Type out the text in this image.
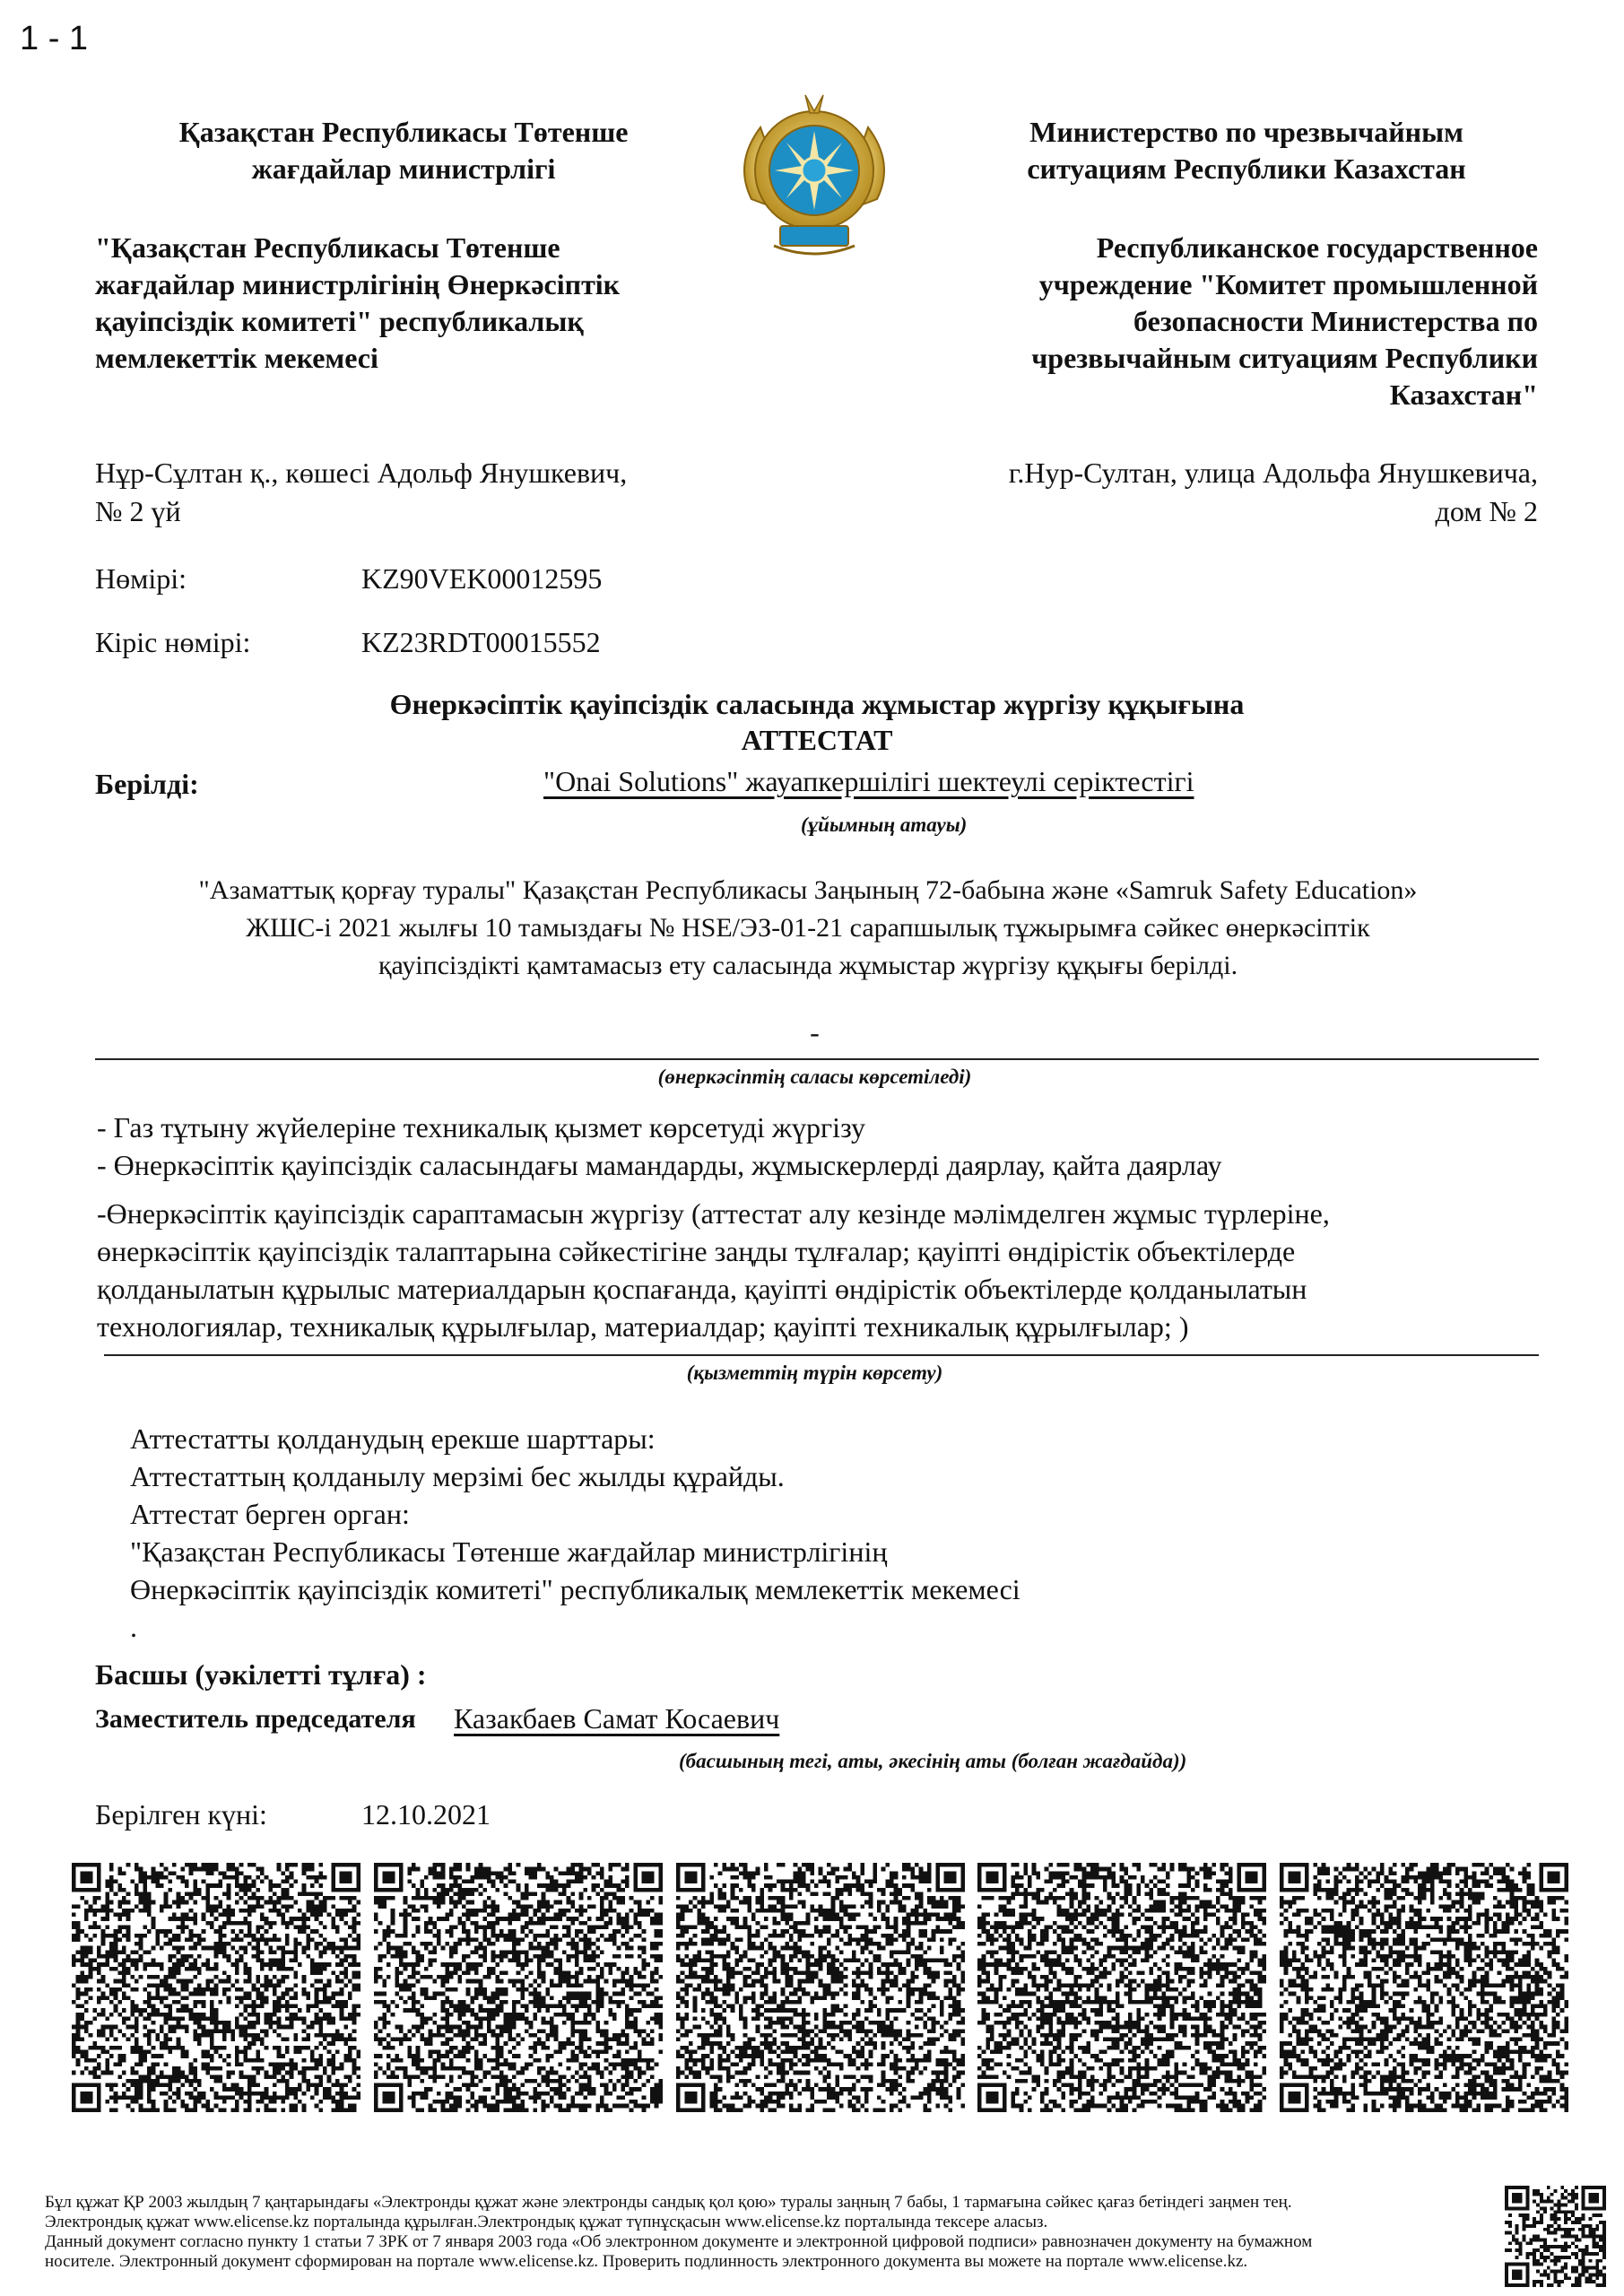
1 - 1
Қазақстан Республикасы Төтенше
жағдайлар министрлігі
Министерство по чрезвычайным
ситуациям Республики Казахстан
"Қазақстан Республикасы Төтенше
жағдайлар министрлігінің Өнеркәсіптік
қауіпсіздік комитеті" республикалық
мемлекеттік мекемесі
Республиканское государственное
учреждение "Комитет промышленной
безопасности Министерства по
чрезвычайным ситуациям Республики
Казахстан"
Нұр-Сұлтан қ., көшесі Адольф Янушкевич,
№ 2 үй
г.Нур-Султан, улица Адольфа Янушкевича,
дом № 2
Нөмірі:	KZ90VEK00012595
Кіріс нөмірі:	KZ23RDT00015552
Өнеркәсіптік қауіпсіздік саласында жұмыстар жүргізу құқығына
АТТЕСТАТ
Берілді:	"Onai Solutions" жауапкершілігі шектеулі серіктестігі
(ұйымның атауы)
"Азаматтық қорғау туралы" Қазақстан Республикасы Заңының 72-бабына және «Samruk Safety Education»
ЖШС-і 2021 жылғы 10 тамыздағы № HSE/ЭЗ-01-21 сарапшылық тұжырымға сәйкес өнеркәсіптік
қауіпсіздікті қамтамасыз ету саласында жұмыстар жүргізу құқығы берілді.
-
(өнеркәсіптің саласы көрсетіледі)
- Газ тұтыну жүйелеріне техникалық қызмет көрсетуді жүргізу
- Өнеркәсіптік қауіпсіздік саласындағы мамандарды, жұмыскерлерді даярлау, қайта даярлау
-Өнеркәсіптік қауіпсіздік сараптамасын жүргізу (аттестат алу кезінде мәлімделген жұмыс түрлеріне,
өнеркәсіптік қауіпсіздік талаптарына сәйкестігіне заңды тұлғалар; қауіпті өндірістік объектілерде
қолданылатын құрылыс материалдарын қоспағанда, қауіпті өндірістік объектілерде қолданылатын
технологиялар, техникалық құрылғылар, материалдар; қауіпті техникалық құрылғылар; )
(қызметтің түрін көрсету)
Аттестатты қолданудың ерекше шарттары:
Аттестаттың қолданылу мерзімі бес жылды құрайды.
Аттестат берген орган:
"Қазақстан Республикасы Төтенше жағдайлар министрлігінің
Өнеркәсіптік қауіпсіздік комитеті" республикалық мемлекеттік мекемесі
.
Басшы (уәкілетті тұлға) :
Заместитель председателя Казакбаев Самат Косаевич
(басшының тегі, аты, әкесінің аты (болған жағдайда))
Берілген күні:	12.10.2021
Бұл құжат ҚР 2003 жылдың 7 қаңтарындағы «Электронды құжат және электронды сандық қол қою» туралы заңның 7 бабы, 1 тармағына сәйкес қағаз бетіндегі заңмен тең.
Электрондық құжат www.elicense.kz порталында құрылған.Электрондық құжат түпнұсқасын www.elicense.kz порталында тексере аласыз.
Данный документ согласно пункту 1 статьи 7 ЗРК от 7 января 2003 года «Об электронном документе и электронной цифровой подписи» равнозначен документу на бумажном
носителе. Электронный документ сформирован на портале www.elicense.kz. Проверить подлинность электронного документа вы можете на портале www.elicense.kz.
